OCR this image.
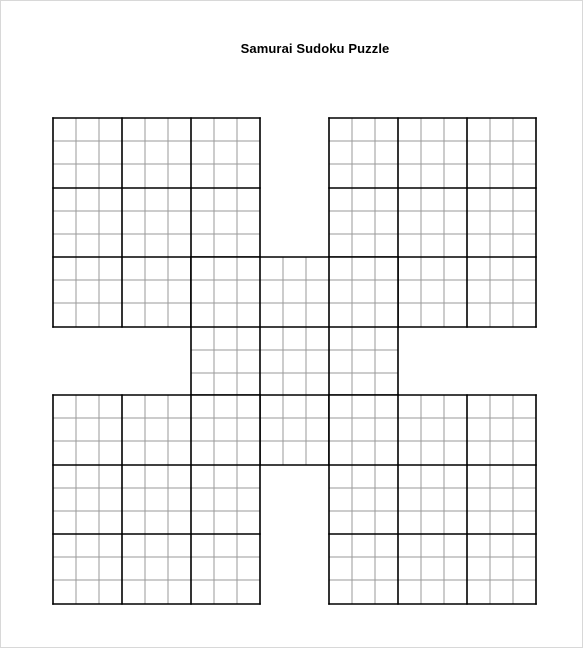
Samurai Sudoku Puzzle
